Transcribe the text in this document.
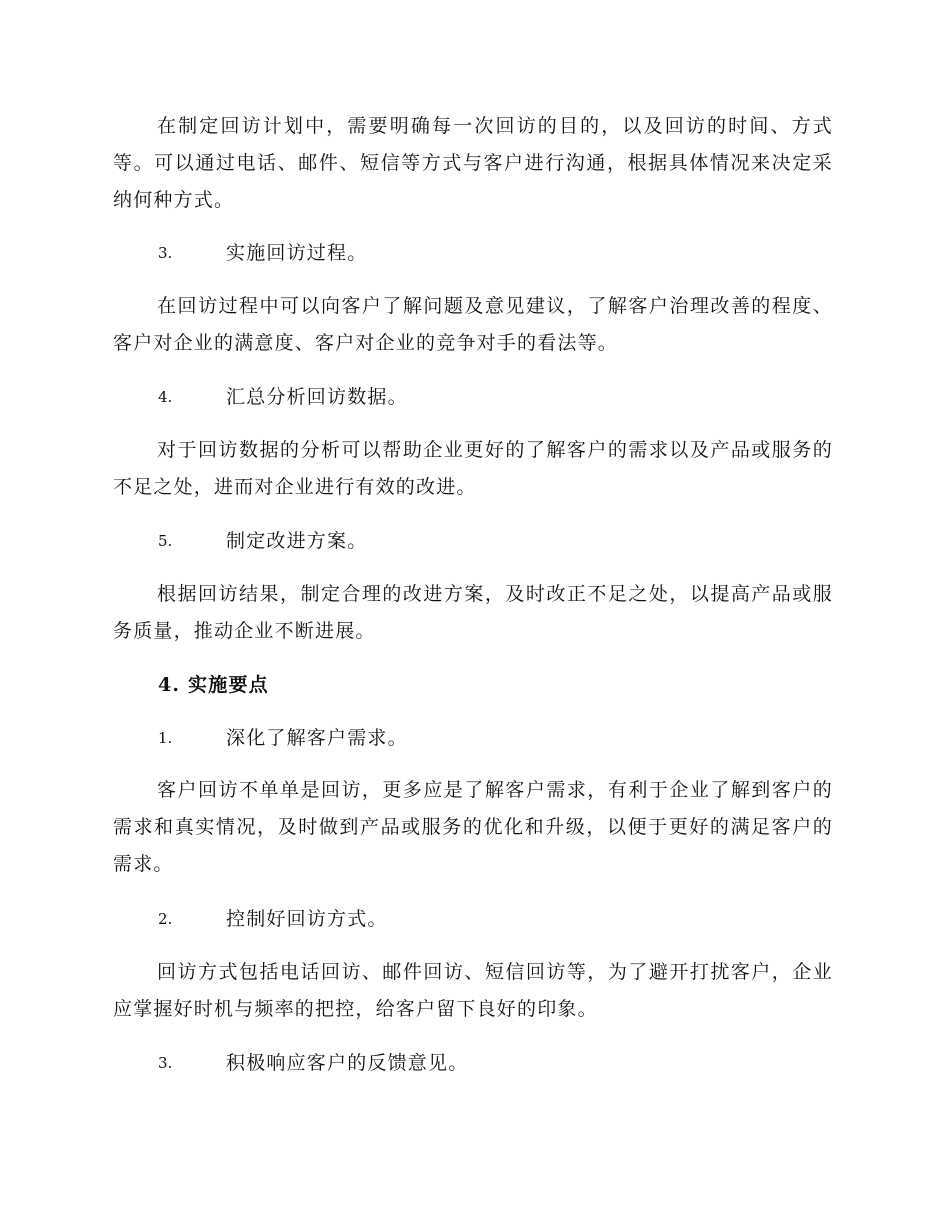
在制定回访计划中，需要明确每一次回访的目的，以及回访的时间、方式等。可以通过电话、邮件、短信等方式与客户进行沟通，根据具体情况来决定采纳何种方式。

3.	实施回访过程。

在回访过程中可以向客户了解问题及意见建议，了解客户治理改善的程度、客户对企业的满意度、客户对企业的竞争对手的看法等。

4.	汇总分析回访数据。

对于回访数据的分析可以帮助企业更好的了解客户的需求以及产品或服务的不足之处，进而对企业进行有效的改进。

5.	制定改进方案。

根据回访结果，制定合理的改进方案，及时改正不足之处，以提高产品或服务质量，推动企业不断进展。

4. 实施要点
1.	深化了解客户需求。

客户回访不单单是回访，更多应是了解客户需求，有利于企业了解到客户的需求和真实情况，及时做到产品或服务的优化和升级，以便于更好的满足客户的需求。

2.	控制好回访方式。

回访方式包括电话回访、邮件回访、短信回访等，为了避开打扰客户，企业应掌握好时机与频率的把控，给客户留下良好的印象。

3.	积极响应客户的反馈意见。
